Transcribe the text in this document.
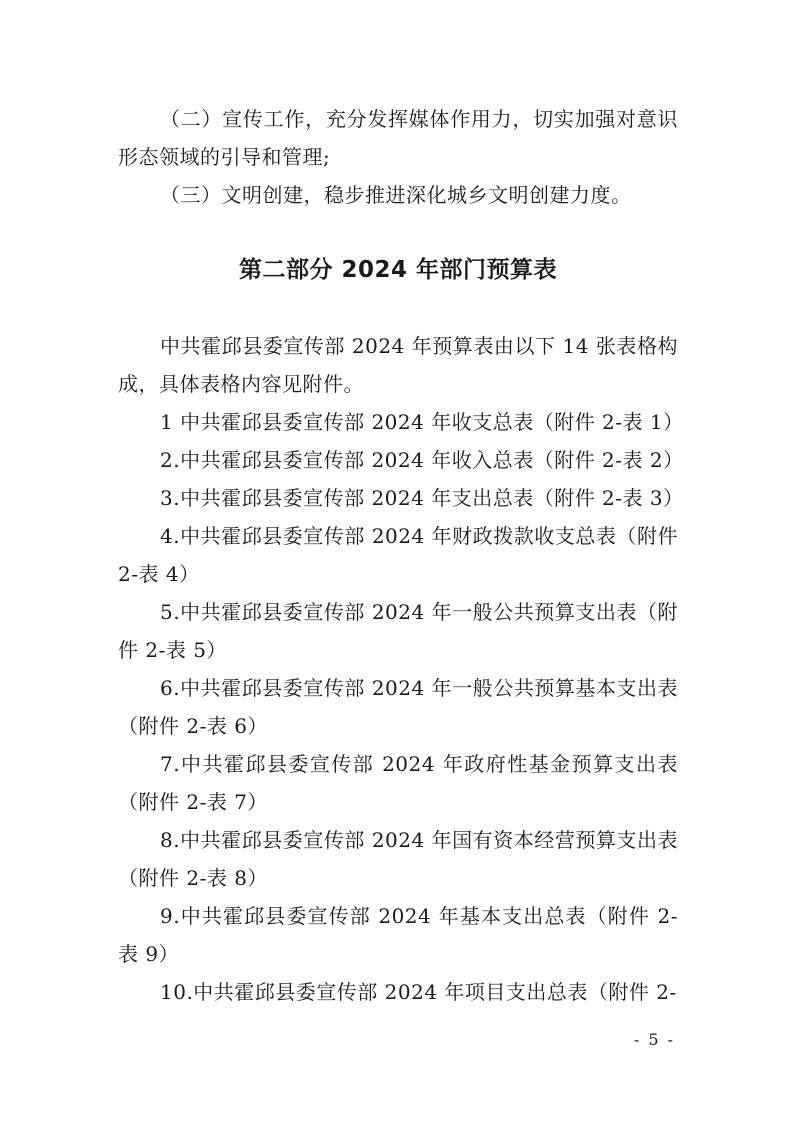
（二）宣传工作，充分发挥媒体作用力，切实加强对意识形态领域的引导和管理;

（三）文明创建，稳步推进深化城乡文明创建力度。

第二部分 2024 年部门预算表

中共霍邱县委宣传部 2024 年预算表由以下 14 张表格构成，具体表格内容见附件。

1 中共霍邱县委宣传部 2024 年收支总表（附件 2-表 1）

2.中共霍邱县委宣传部 2024 年收入总表（附件 2-表 2）

3.中共霍邱县委宣传部 2024 年支出总表（附件 2-表 3）

4.中共霍邱县委宣传部 2024 年财政拨款收支总表（附件 2-表 4）

5.中共霍邱县委宣传部 2024 年一般公共预算支出表（附件 2-表 5）

6.中共霍邱县委宣传部 2024 年一般公共预算基本支出表（附件 2-表 6）

7.中共霍邱县委宣传部 2024 年政府性基金预算支出表（附件 2-表 7）

8.中共霍邱县委宣传部 2024 年国有资本经营预算支出表（附件 2-表 8）

9.中共霍邱县委宣传部 2024 年基本支出总表（附件 2-表 9）

10.中共霍邱县委宣传部 2024 年项目支出总表（附件 2-

- 5 -
